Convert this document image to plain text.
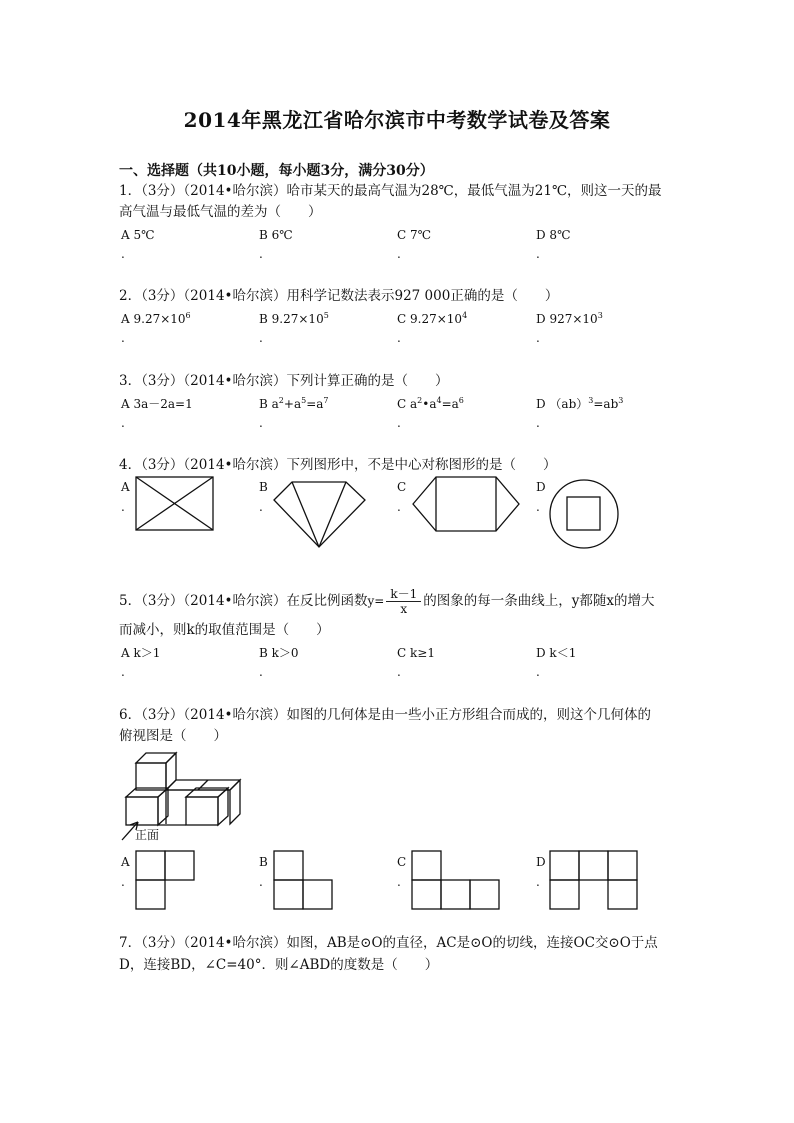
2014年黑龙江省哈尔滨市中考数学试卷及答案
一、选择题（共10小题，每小题3分，满分30分）
1．（3分）（2014•哈尔滨）哈市某天的最高气温为28℃，最低气温为21℃，则这一天的最
高气温与最低气温的差为（　　）
A 5℃	B 6℃	C 7℃	D 8℃
.	.	.	.
2．（3分）（2014•哈尔滨）用科学记数法表示927 000正确的是（　　）
A $9.27\times 10^6$	B $9.27\times 10^5$	C $9.27\times 10^4$	D $927\times 10^3$
.	.	.	.
3．（3分）（2014•哈尔滨）下列计算正确的是（　　）
A 3a－2a=1	B $a^2+a^5=a^7$	C $a^2•a^4=a^6$	D $(ab)^3=ab^3$
.	.	.	.
4．（3分）（2014•哈尔滨）下列图形中，不是中心对称图形的是（　　）
A	B	C	D
.	.	.	.
5．（3分）（2014•哈尔滨）在反比例函数$y= \frac{k-1}{x}$ 的图象的每一条曲线上，y都随x的增大
而减小，则k的取值范围是（　　）
A k＞1	B k＞0	C k≥1	D k＜1
.	.	.	.
6．（3分）（2014•哈尔滨）如图的几何体是由一些小正方形组合而成的，则这个几何体的
俯视图是（　　）
正面
A	B	C	D
.	.	.	.
7．（3分）（2014•哈尔滨）如图，AB是⊙O的直径，AC是⊙O的切线，连接OC交⊙O于点
D，连接BD，∠C=40°．则∠ABD的度数是（　　）
